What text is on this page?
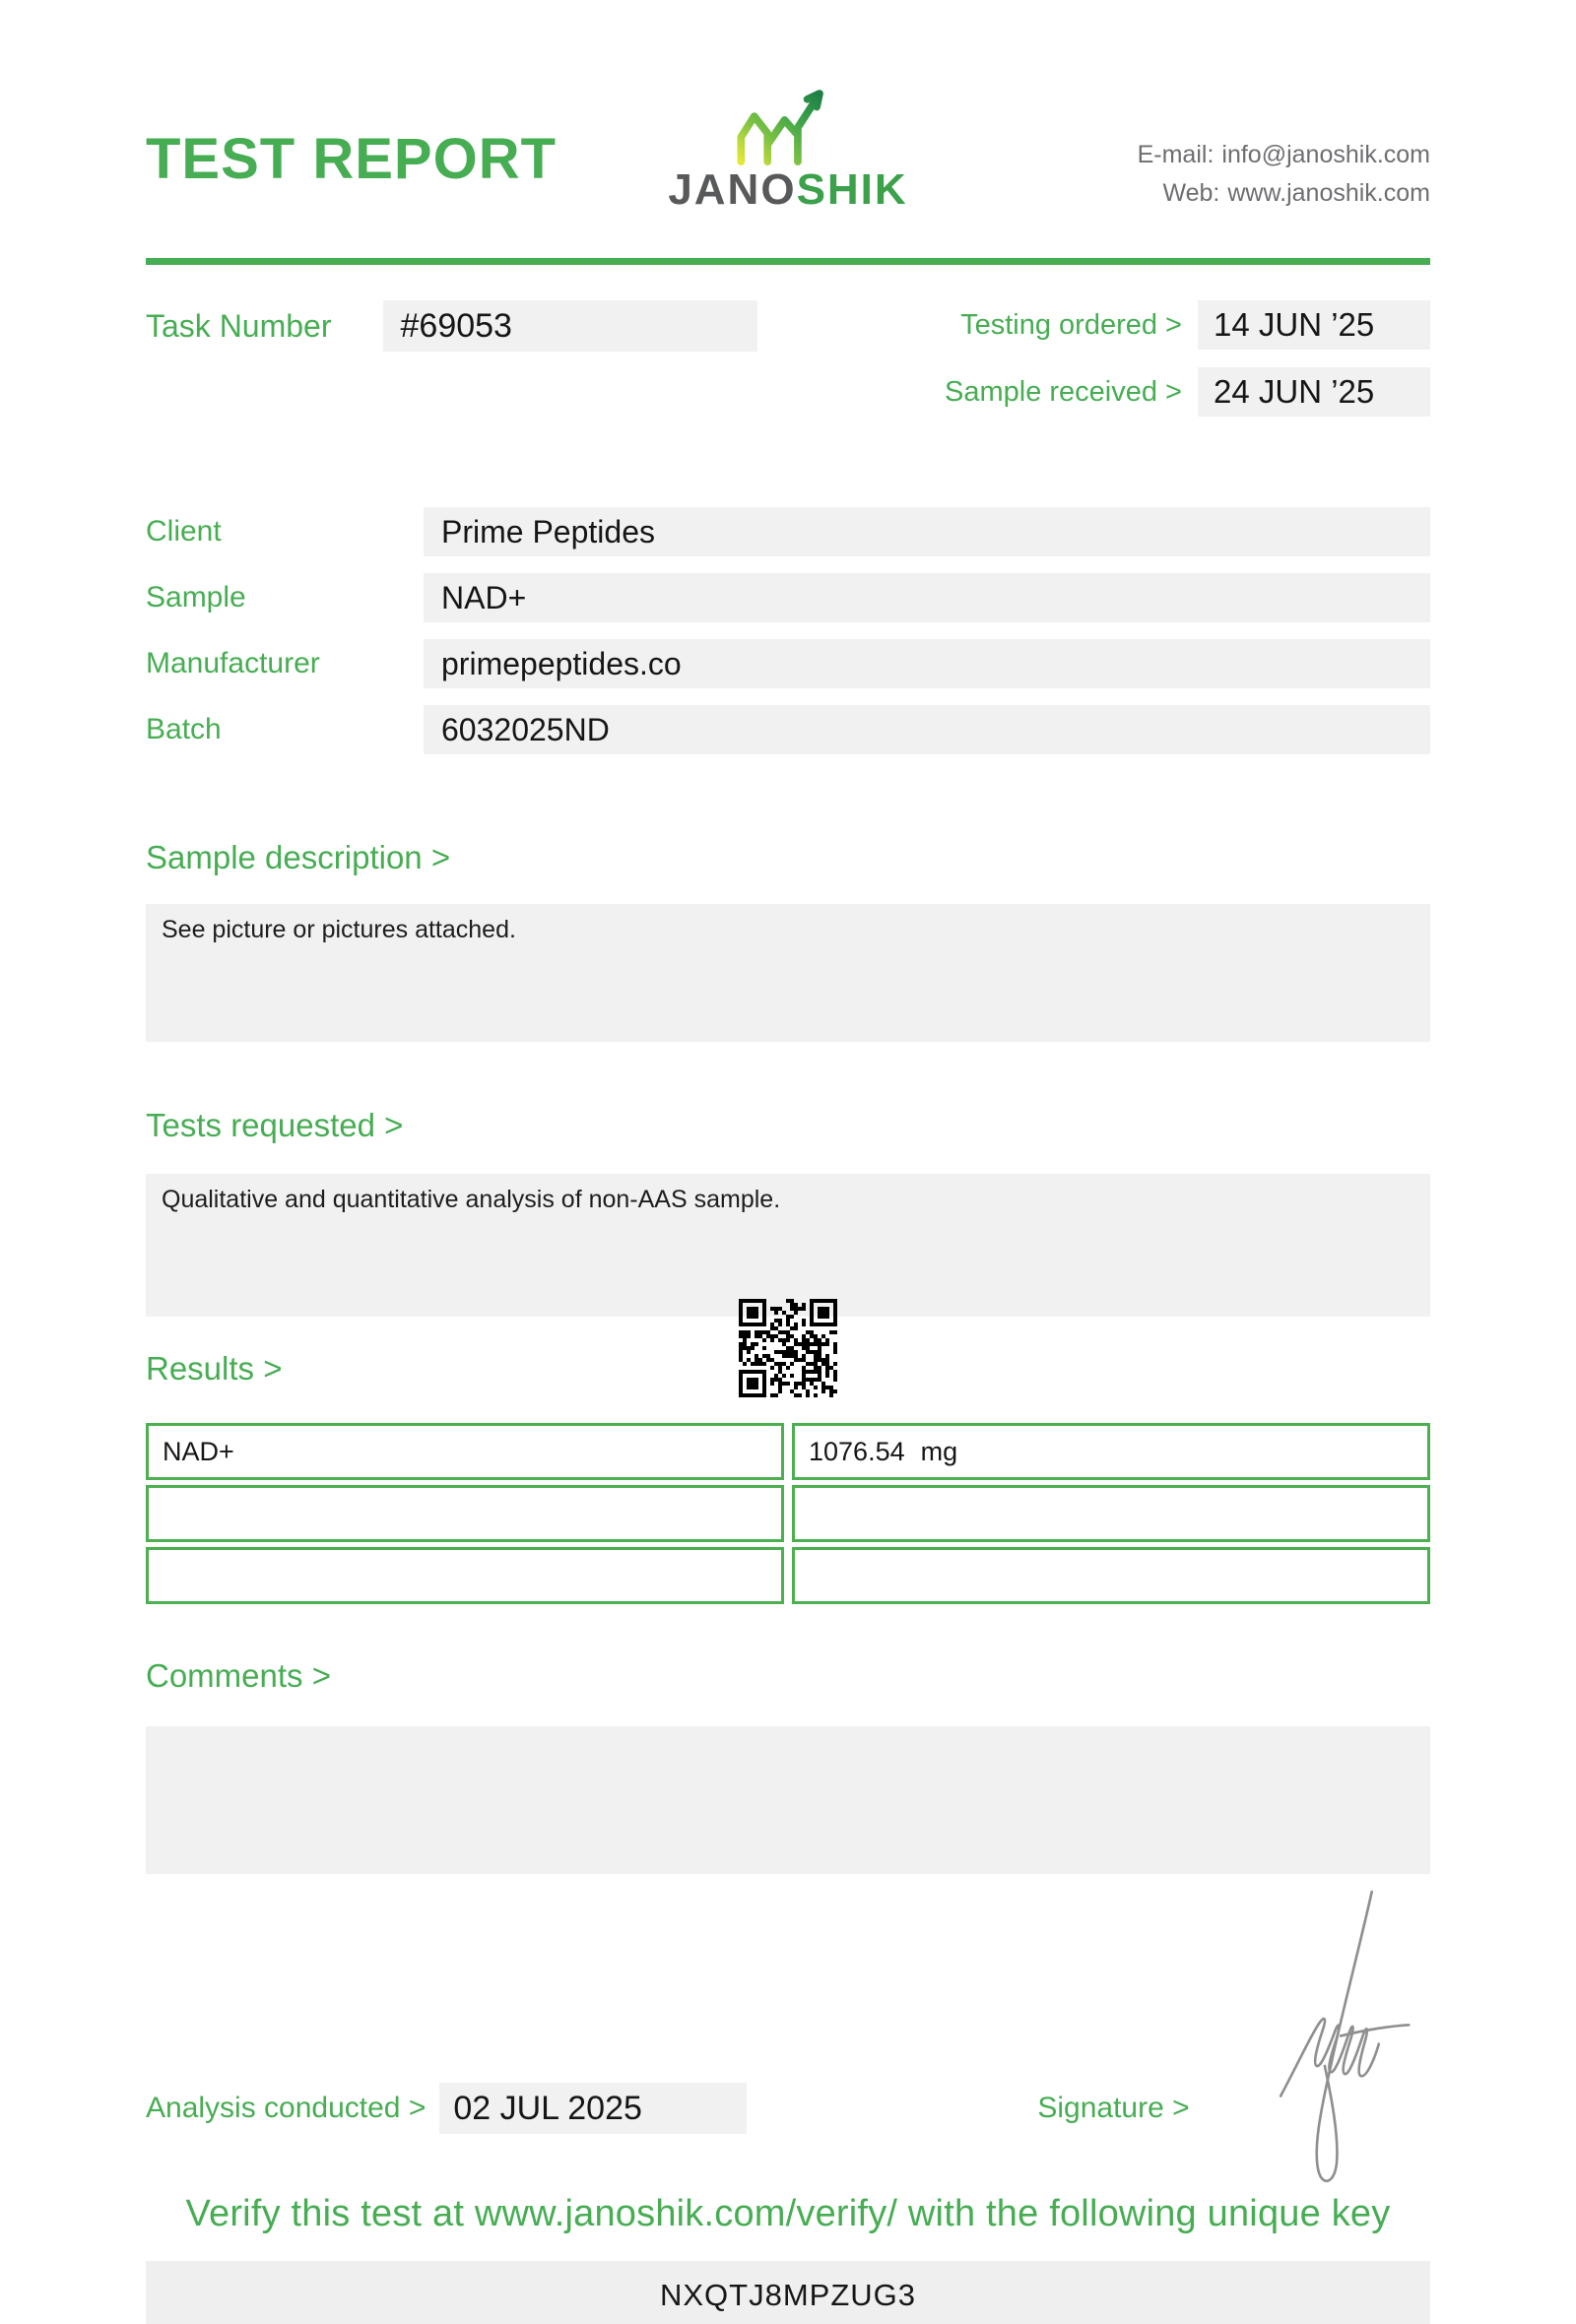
TEST REPORT	JANOSHIK
E-mail: info@janoshik.com
Web: www.janoshik.com
Task Number	#69053	Testing ordered > 14 JUN ’25
Sample received > 24 JUN ’25
Client	Prime Peptides
Sample	NAD+
Manufacturer	primepeptides.co
Batch	6032025ND
Sample description >

See picture or pictures attached.

Tests requested >

Qualitative and quantitative analysis of non-AAS sample.

Results >
NAD+	1076.54 mg
Comments >

Analysis conducted > 02 JUL 2025	Signature >
Verify this test at www.janoshik.com/verify/ with the following unique key
NXQTJ8MPZUG3
